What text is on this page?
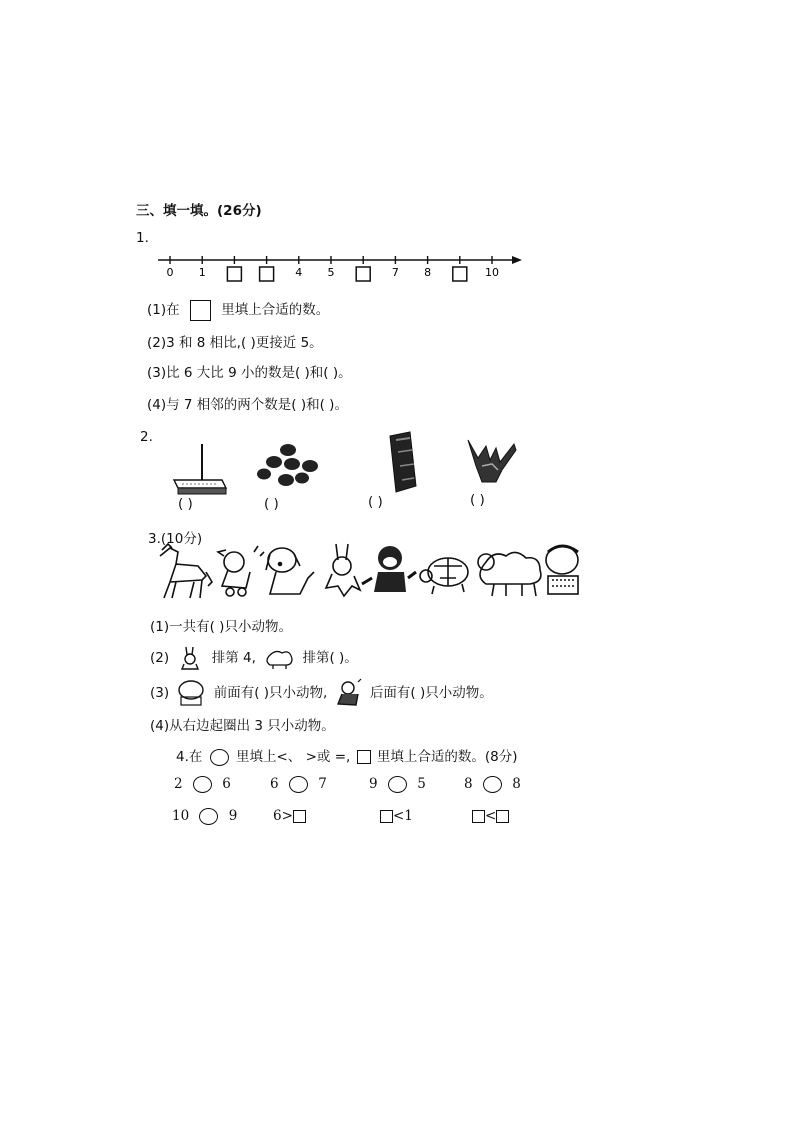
三、填一填。(26分)
1.
0 1	4 5	7 8	10
(1)在	里填上合适的数。
(2)3 和 8 相比,( )更接近 5。
(3)比 6 大比 9 小的数是( )和( )。
(4)与 7 相邻的两个数是( )和( )。
2.
( )	( )	( )	( )
3.(10分)
(1)一共有( )只小动物。
(2)	排第 4,	排第( )。
(3)	前面有( )只小动物,	后面有( )只小动物。
(4)从右边起圈出 3 只小动物。
4.在 里填上<、 >或 =, 里填上合适的数。(8分)
2	6	6	7	9	5	8	8
10	9	6>	<1	<
